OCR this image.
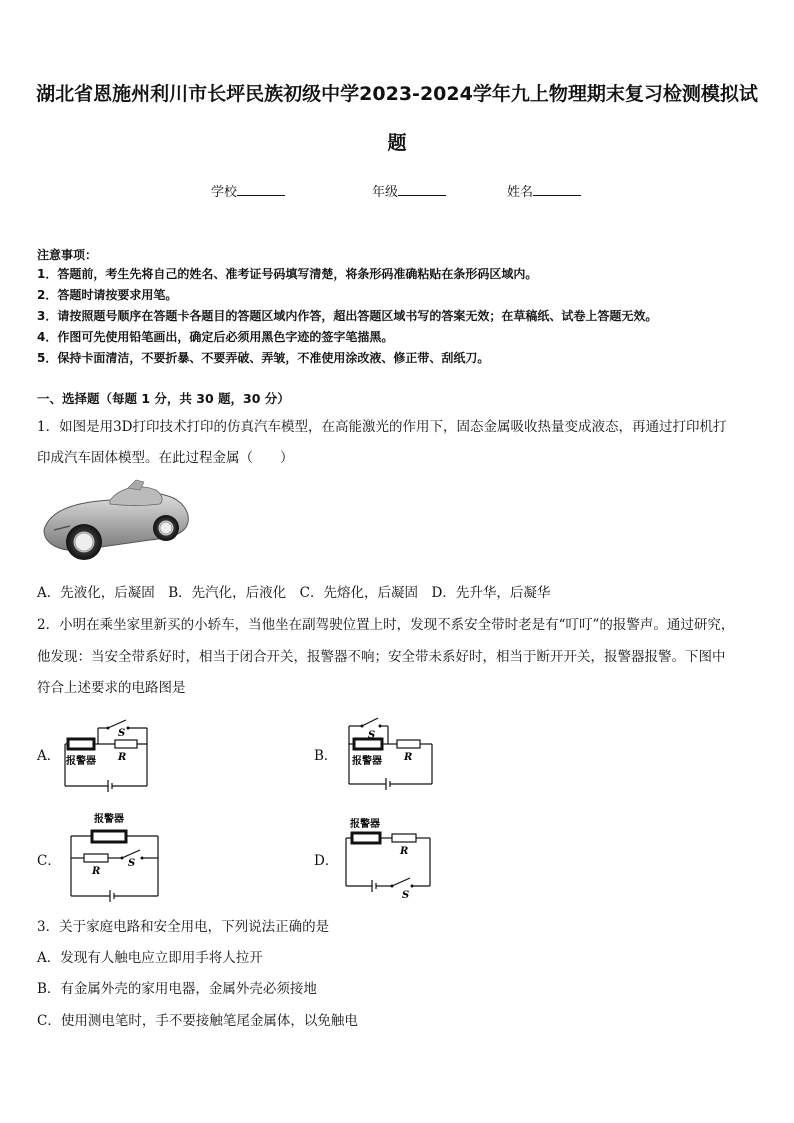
湖北省恩施州利川市长坪民族初级中学2023-2024学年九上物理期末复习检测模拟试
题
学校	年级	姓名
注意事项：
1．答题前，考生先将自己的姓名、准考证号码填写清楚，将条形码准确粘贴在条形码区域内。
2．答题时请按要求用笔。
3．请按照题号顺序在答题卡各题目的答题区域内作答，超出答题区域书写的答案无效；在草稿纸、试卷上答题无效。
4．作图可先使用铅笔画出，确定后必须用黑色字迹的签字笔描黑。
5．保持卡面清洁，不要折暴、不要弄破、弄皱，不准使用涂改液、修正带、刮纸刀。
一、选择题（每题 1 分，共 30 题，30 分）
1．如图是用3D打印技术打印的仿真汽车模型，在高能激光的作用下，固态金属吸收热量变成液态，再通过打印机打
印成汽车固体模型。在此过程金属（　　）
A．先液化，后凝固　B．先汽化，后液化　C．先熔化，后凝固　D．先升华，后凝华
2．小明在乘坐家里新买的小轿车，当他坐在副驾驶位置上时，发现不系安全带时老是有“叮叮”的报警声。通过研究，
他发现：当安全带系好时，相当于闭合开关，报警器不响；安全带未系好时，相当于断开开关，报警器报警。下图中
符合上述要求的电路图是
A． 报警器 R
S
B． 报警器 R
S
C．
报警器
R
S	D．
报警器
R
S
3．关于家庭电路和安全用电，下列说法正确的是
A．发现有人触电应立即用手将人拉开
B．有金属外壳的家用电器，金属外壳必须接地
C．使用测电笔时，手不要接触笔尾金属体，以免触电
